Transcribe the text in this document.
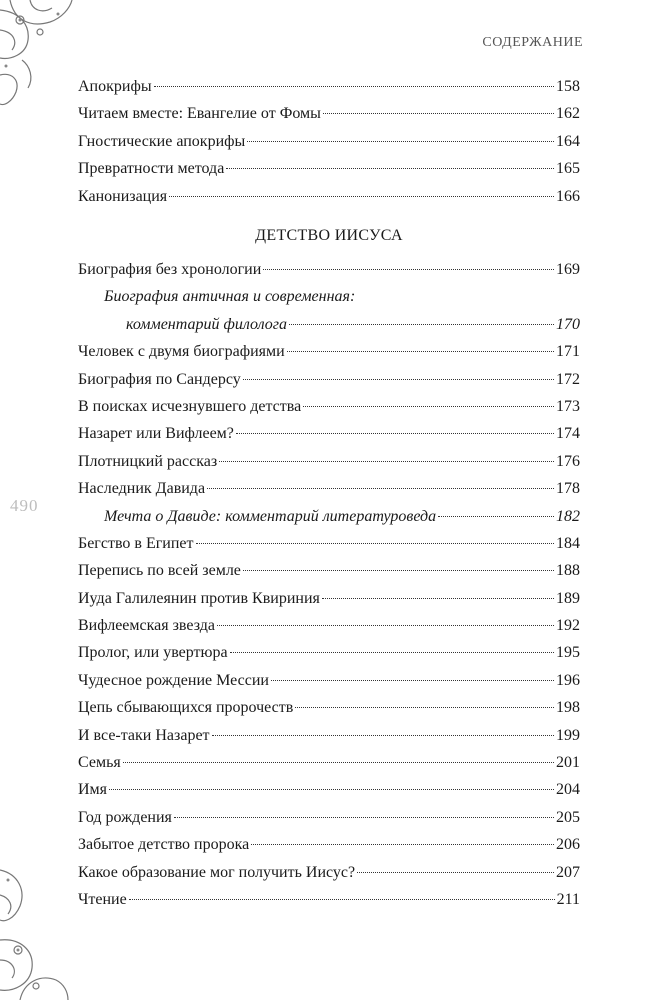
СОДЕРЖАНИЕ
490
Апокрифы	158
Читаем вместе: Евангелие от Фомы	162
Гностические апокрифы	164
Превратности метода	165
Канонизация	166
ДЕТСТВО ИИСУСА
Биография без хронологии	169
Биография античная и современная:
комментарий филолога	170
Человек с двумя биографиями	171
Биография по Сандерсу	172
В поисках исчезнувшего детства	173
Назарет или Вифлеем?	174
Плотницкий рассказ	176
Наследник Давида	178
Мечта о Давиде: комментарий литературоведа	182
Бегство в Египет	184
Перепись по всей земле	188
Иуда Галилеянин против Квириния	189
Вифлеемская звезда	192
Пролог, или увертюра	195
Чудесное рождение Мессии	196
Цепь сбывающихся пророчеств	198
И все-таки Назарет	199
Семья	201
Имя	204
Год рождения	205
Забытое детство пророка	206
Какое образование мог получить Иисус?	207
Чтение	211
